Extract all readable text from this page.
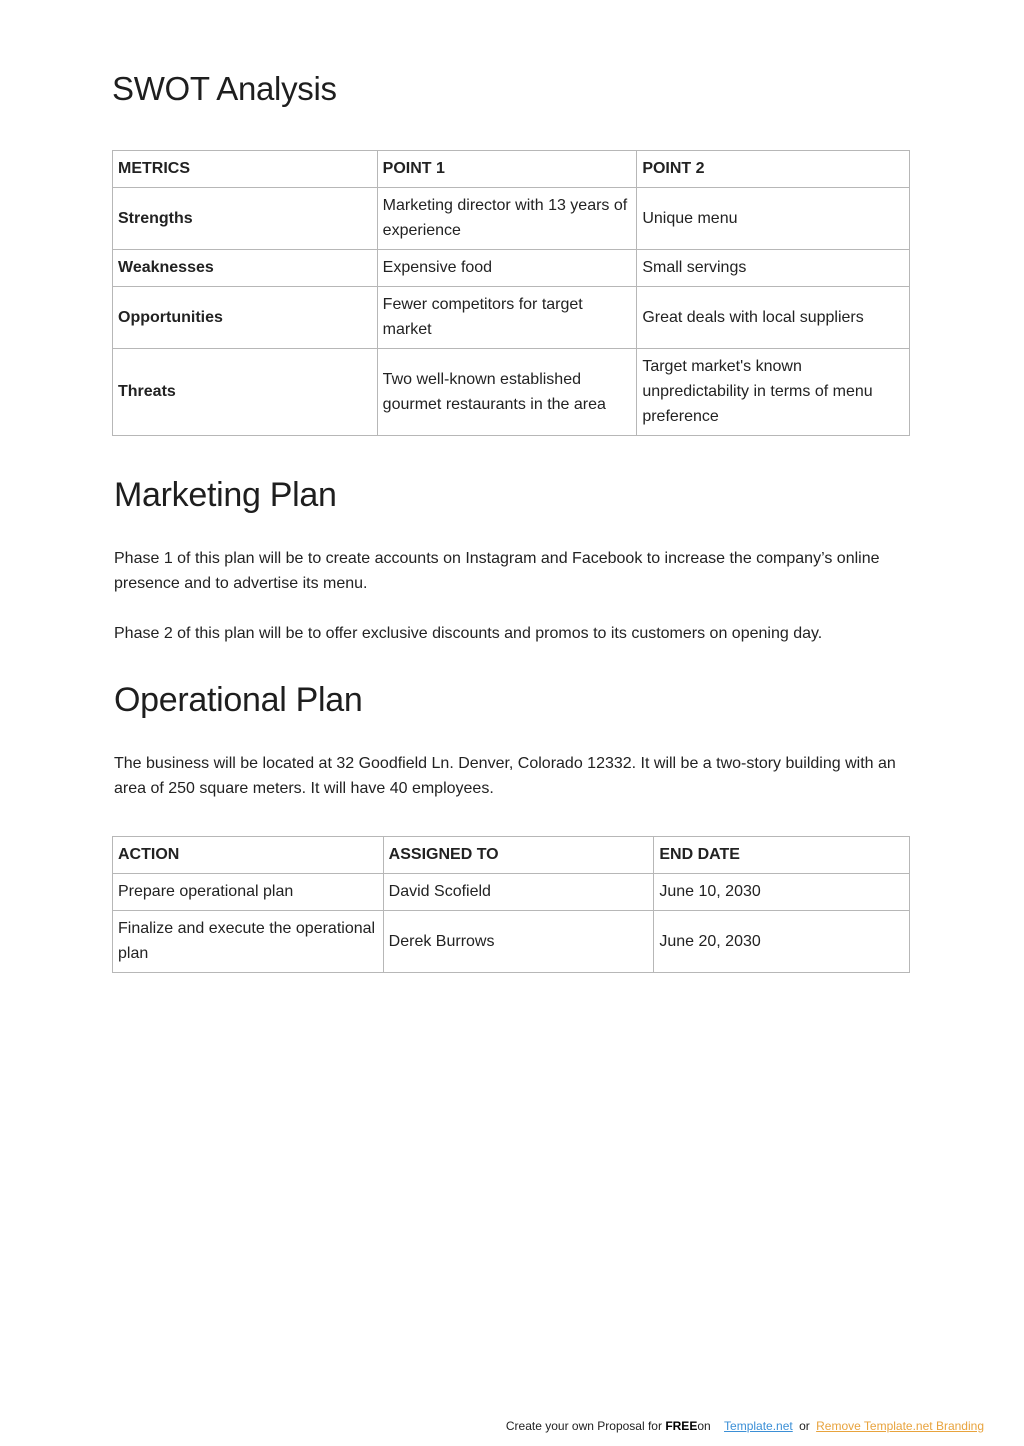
SWOT Analysis
METRICS	POINT 1	POINT 2
Strengths	Marketing director with 13 years of experience	Unique menu
Weaknesses	Expensive food	Small servings
Opportunities	Fewer competitors for target market	Great deals with local suppliers
Threats	Two well-known established gourmet restaurants in the area	Target market's known unpredictability in terms of menu preference
Marketing Plan

Phase 1 of this plan will be to create accounts on Instagram and Facebook to increase the company’s online presence and to advertise its menu.

Phase 2 of this plan will be to offer exclusive discounts and promos to its customers on opening day.

Operational Plan

The business will be located at 32 Goodfield Ln. Denver, Colorado 12332. It will be a two-story building with an area of 250 square meters. It will have 40 employees.

ACTION	ASSIGNED TO	END DATE
Prepare operational plan	David Scofield	June 10, 2030
Finalize and execute the operational plan	Derek Burrows	June 20, 2030
Create your own Proposal for FREEon Template.net or Remove Template.net Branding
